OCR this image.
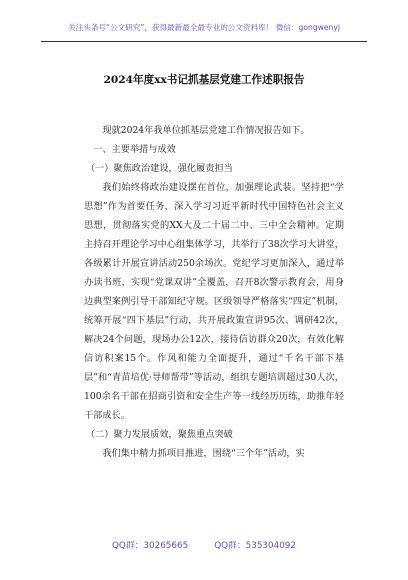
关注头条号“公文研究”，获得最新最全最专业的公文资料库！ 微信：gongwenyj
2024年度xx书记抓基层党建工作述职报告

现就2024年我单位抓基层党建工作情况报告如下。

一、主要举措与成效

（一）聚焦政治建设，强化履责担当

我们始终将政治建设摆在首位，加强理论武装。坚持把“学思想”作为首要任务，深入学习习近平新时代中国特色社会主义思想，贯彻落实党的XX大及二十届二中、三中全会精神。定期主持召开理论学习中心组集体学习，共举行了38次学习大讲堂，各级累计开展宣讲活动250余场次。党纪学习更加深入，通过举办读书班，实现“党课双讲”全覆盖，召开8次警示教育会，用身边典型案例引导干部知纪守规。区级领导严格落实“四定”机制，统筹开展“四下基层”行动，共开展政策宣讲95次、调研42次，解决24个问题，现场办公12次，接待信访群众20次，有效化解信访积案15个。作风和能力全面提升，通过“千名干部下基层”和“青苗培优·导师帮带”等活动，组织专题培训超过30人次，100余名干部在招商引资和安全生产等一线经历历练，助推年轻干部成长。

（二）聚力发展质效，聚焦重点突破

我们集中精力抓项目推进，围绕“三个年”活动，实

QQ群：30265665	QQ群：535304092
